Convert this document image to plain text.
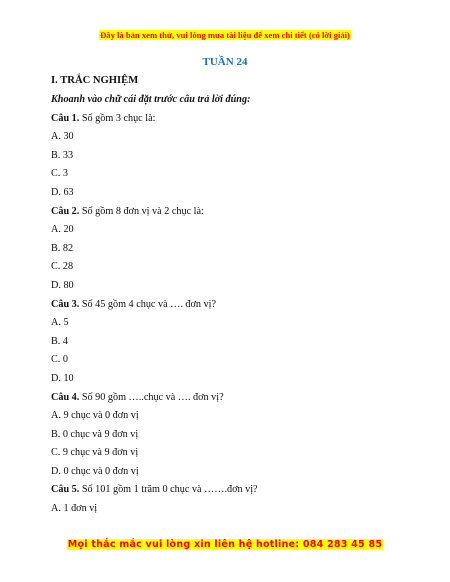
Đây là bản xem thử, vui lòng mua tài liệu để xem chi tiết (có lời giải)
TUẦN 24
I. TRẮC NGHIỆM
Khoanh vào chữ cái đặt trước câu trả lời đúng:
Câu 1. Số gồm 3 chục là:
A. 30
B. 33
C. 3
D. 63
Câu 2. Số gồm 8 đơn vị và 2 chục là:
A. 20
B. 82
C. 28
D. 80
Câu 3. Số 45 gồm 4 chục và …. đơn vị?
A. 5
B. 4
C. 0
D. 10
Câu 4. Số 90 gồm …..chục và …. đơn vị?
A. 9 chục và 0 đơn vị
B. 0 chục và 9 đơn vị
C. 9 chục và 9 đơn vị
D. 0 chục và 0 đơn vị
Câu 5. Số 101 gồm 1 trăm 0 chục và …….đơn vị?
A. 1 đơn vị
Mọi thắc mắc vui lòng xin liên hệ hotline: 084 283 45 85
